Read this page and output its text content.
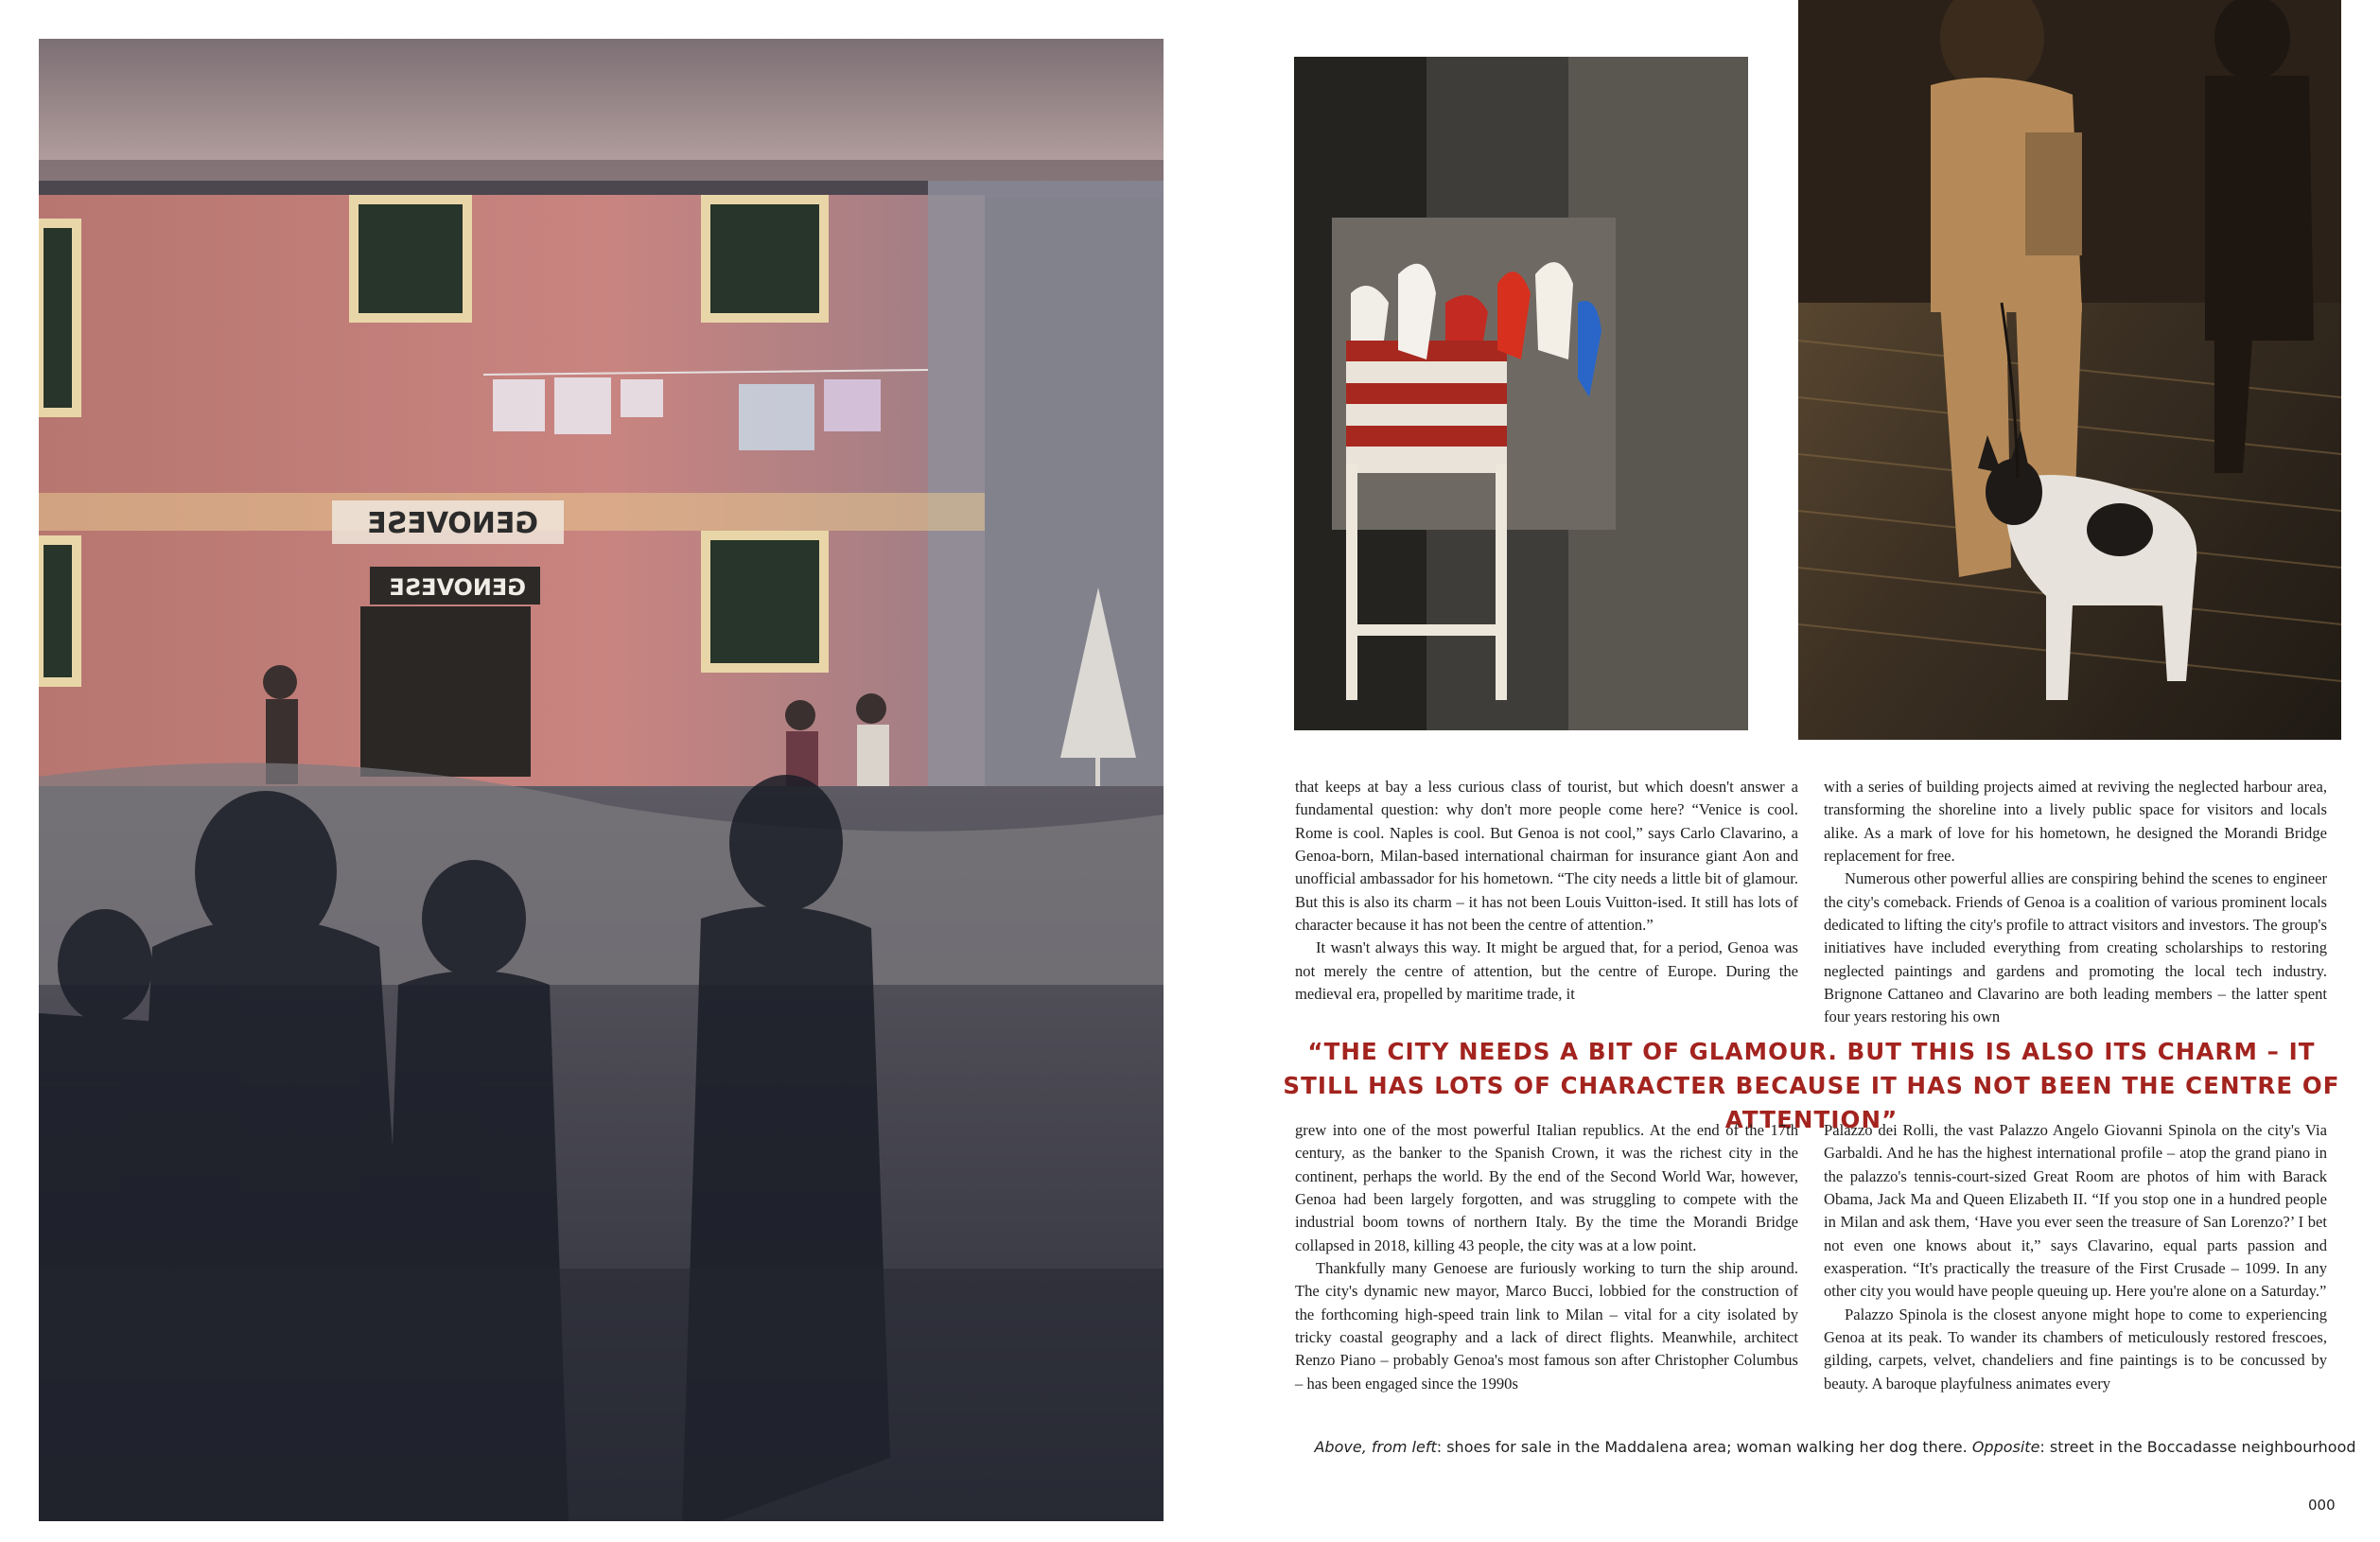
GENOVESE
GENOVESE

that keeps at bay a less curious class of tourist, but which doesn't answer a fundamental question: why don't more people come here? “Venice is cool. Rome is cool. Naples is cool. But Genoa is not cool,” says Carlo Clavarino, a Genoa-born, Milan-based international chairman for insurance giant Aon and unofficial ambassador for his hometown. “The city needs a little bit of glamour. But this is also its charm – it has not been Louis Vuitton-ised. It still has lots of character because it has not been the centre of attention.”

It wasn't always this way. It might be argued that, for a period, Genoa was not merely the centre of attention, but the centre of Europe. During the medieval era, propelled by maritime trade, it

with a series of building projects aimed at reviving the neglected harbour area, transforming the shoreline into a lively public space for visitors and locals alike. As a mark of love for his hometown, he designed the Morandi Bridge replacement for free.

Numerous other powerful allies are conspiring behind the scenes to engineer the city's comeback. Friends of Genoa is a coalition of various prominent locals dedicated to lifting the city's profile to attract visitors and investors. The group's initiatives have included everything from creating scholarships to restoring neglected paintings and gardens and promoting the local tech industry. Brignone Cattaneo and Clavarino are both leading members – the latter spent four years restoring his own

“THE CITY NEEDS A BIT OF GLAMOUR. BUT THIS IS ALSO ITS CHARM – IT STILL HAS LOTS OF CHARACTER BECAUSE IT HAS NOT BEEN THE CENTRE OF ATTENTION”

grew into one of the most powerful Italian republics. At the end of the 17th century, as the banker to the Spanish Crown, it was the richest city in the continent, perhaps the world. By the end of the Second World War, however, Genoa had been largely forgotten, and was struggling to compete with the industrial boom towns of northern Italy. By the time the Morandi Bridge collapsed in 2018, killing 43 people, the city was at a low point.

Thankfully many Genoese are furiously working to turn the ship around. The city's dynamic new mayor, Marco Bucci, lobbied for the construction of the forthcoming high-speed train link to Milan – vital for a city isolated by tricky coastal geography and a lack of direct flights. Meanwhile, architect Renzo Piano – probably Genoa's most famous son after Christopher Columbus – has been engaged since the 1990s

Palazzo dei Rolli, the vast Palazzo Angelo Giovanni Spinola on the city's Via Garbaldi. And he has the highest international profile – atop the grand piano in the palazzo's tennis-court-sized Great Room are photos of him with Barack Obama, Jack Ma and Queen Elizabeth II. “If you stop one in a hundred people in Milan and ask them, ‘Have you ever seen the treasure of San Lorenzo?’ I bet not even one knows about it,” says Clavarino, equal parts passion and exasperation. “It's practically the treasure of the First Crusade – 1099. In any other city you would have people queuing up. Here you're alone on a Saturday.”

Palazzo Spinola is the closest anyone might hope to come to experiencing Genoa at its peak. To wander its chambers of meticulously restored frescoes, gilding, carpets, velvet, chandeliers and fine paintings is to be concussed by beauty. A baroque playfulness animates every

Above, from left: shoes for sale in the Maddalena area; woman walking her dog there. Opposite: street in the Boccadasse neighbourhood
000
